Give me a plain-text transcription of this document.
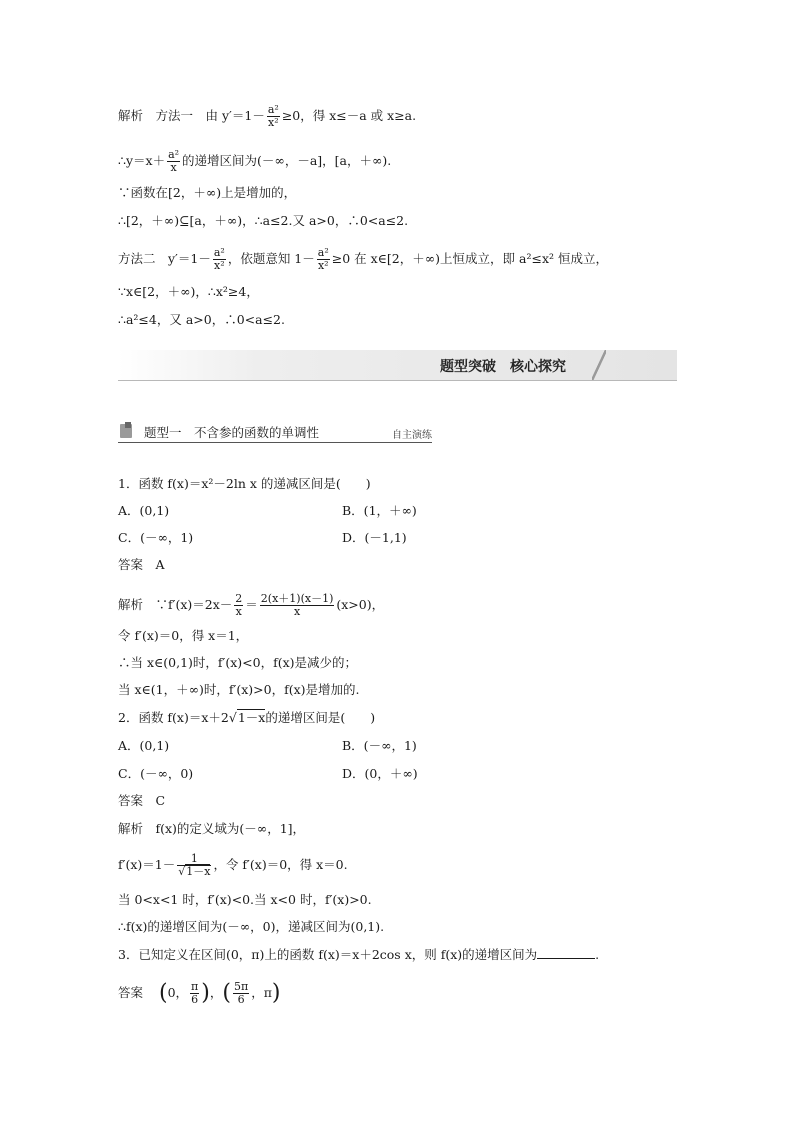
解析　方法一　由 $y'=1- \frac{\text{a²}}{\text{x²}} \ge 0$，得 x≤－a 或 x≥a.
∴y＝x＋ $\frac{\text{a²}}{x}$ 的递增区间为(－∞，－a]，[a，＋∞).
∵函数在[2，＋∞)上是增加的，
∴[2，＋∞)⊆[a，＋∞)，∴a≤2.又 a>0，∴0<a≤2.
方法二　$y'=1- \frac{\text{a²}}{\text{x²}}$ ，依题意知 $1- \frac{\text{a²}}{\text{x²}} \ge 0$ 在 x∈[2，＋∞)上恒成立，即 a²≤x² 恒成立，
∵x∈[2，＋∞)，∴x²≥4，
∴a²≤4，又 a>0，∴0<a≤2.
题型突破　核心探究
题型一　不含参的函数的单调性	自主演练
1．函数 f(x)＝x²－2ln x 的递减区间是(　　)
A．(0,1)	B．(1，＋∞)
C．(－∞，1)	D．(－1,1)
答案　A
解析　∵f′(x)＝2x－ $\frac{2}{x} = \frac{2(x+1)(x-1)}{x} (x>0)$，
令 f′(x)＝0，得 x＝1，
∴当 x∈(0,1)时，f′(x)<0，f(x)是减少的；
当 x∈(1，＋∞)时，f′(x)>0，f(x)是增加的.
2．函数 f(x)＝x＋2√1－x的递增区间是(　　)
A．(0,1)	B．(－∞，1)
C．(－∞，0)	D．(0，＋∞)
答案　C
解析　f(x)的定义域为(－∞，1]，
$f'(x)=1- \frac{1}{√1-x}$ ，令 f′(x)＝0，得 x＝0.
当 0<x<1 时，f′(x)<0.当 x<0 时，f′(x)>0.
∴f(x)的递增区间为(－∞，0)，递减区间为(0,1).
3．已知定义在区间(0，π)上的函数 f(x)＝x＋2cos x，则 f(x)的递增区间为	.
答案 (0， $\frac{\pi}{6}$ )，( $\frac{5\pi}{6}$ ，π)
